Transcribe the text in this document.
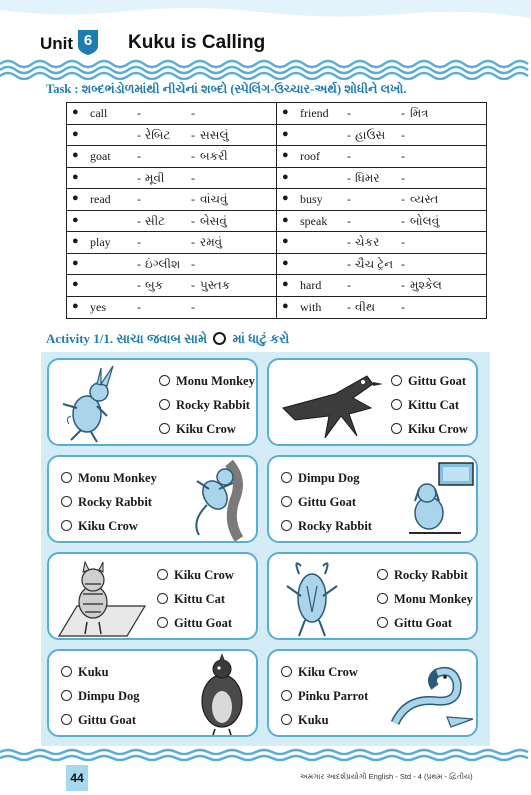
Unit 6	Kuku is Calling
Task : શબ્દભંડોળમાંથી નીચેનાં શબ્દો (સ્પેલિંગ-ઉચ્ચાર-અર્થ) શોધીને લખો.
● call -	-
●	- રેબિટ - સસલું
● goat -	- બકરી
●	- મૂવી -
● read -	- વાંચવું
●	- સીટ - બેસવું
● play -	- રમવું
●	- ઇંગ્લીશ -
●	- બુક - પુસ્તક
● yes	-	-
● friend -	- મિત્ર
●	- હાઉસ -
● roof -	-
●	- ધિમર -
● busy -	- વ્યસ્ત
● speak -	- બોલવું
●	- ચેકર -
●	- ચૈચ ટ્રેન -
● hard -	- મુશ્કેલ
● with - વીથ -
Activity 1/1. સાચા જવાબ સામે માં ધાટું કરો
Monu Monkey
Rocky Rabbit
Kiku Crow
Gittu Goat
Kittu Cat
Kiku Crow
Monu Monkey
Rocky Rabbit
Kiku Crow
Dimpu Dog
Gittu Goat
Rocky Rabbit
Kiku Crow
Kittu Cat
Gittu Goat
Rocky Rabbit
Monu Monkey
Gittu Goat
Kuku
Dimpu Dog
Gittu Goat
Kiku Crow
Pinku Parrot
Kuku
44	અમંગાર આદર્શપ્રયોગી English - Std - 4 (પ્રથમ - દ્વિતીય)
